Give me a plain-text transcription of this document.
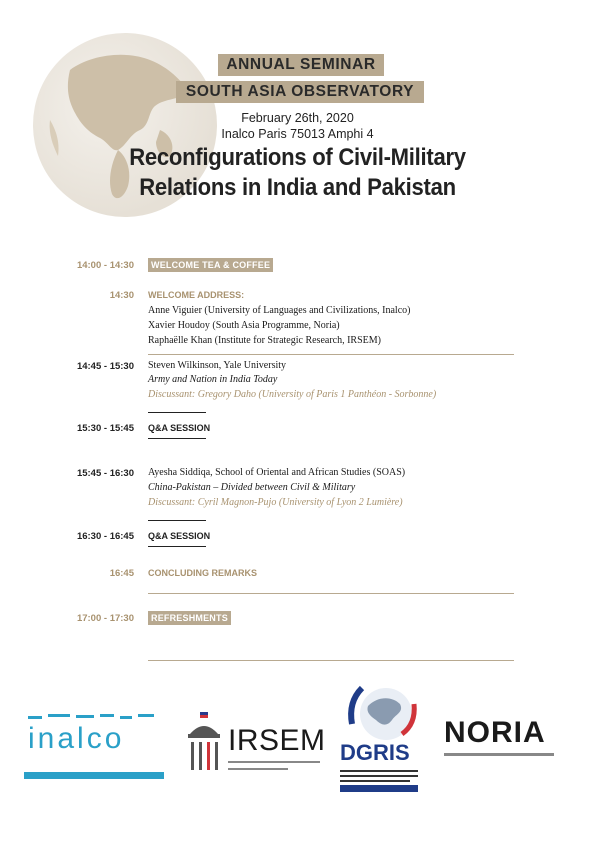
ANNUAL SEMINAR
SOUTH ASIA OBSERVATORY
February 26th, 2020
Inalco Paris 75013 Amphi 4
Reconfigurations of Civil-Military
Relations in India and Pakistan
14:00 - 14:30	WELCOME TEA & COFFEE
14:30 WELCOME ADDRESS:
Anne Viguier (University of Languages and Civilizations, Inalco)
Xavier Houdoy (South Asia Programme, Noria)
Raphaëlle Khan (Institute for Strategic Research, IRSEM)
14:45 - 15:30 Steven Wilkinson, Yale University
Army and Nation in India Today
Discussant: Gregory Daho (University of Paris 1 Panthéon - Sorbonne)
15:30 - 15:45 Q&A SESSION
15:45 - 16:30 Ayesha Siddiqa, School of Oriental and African Studies (SOAS)
China-Pakistan – Divided between Civil & Military
Discussant: Cyril Magnon-Pujo (University of Lyon 2 Lumière)
16:30 - 16:45 Q&A SESSION
16:45 CONCLUDING REMARKS
17:00 - 17:30	REFRESHMENTS
inalco	IRSEM DGRIS
NORIA
